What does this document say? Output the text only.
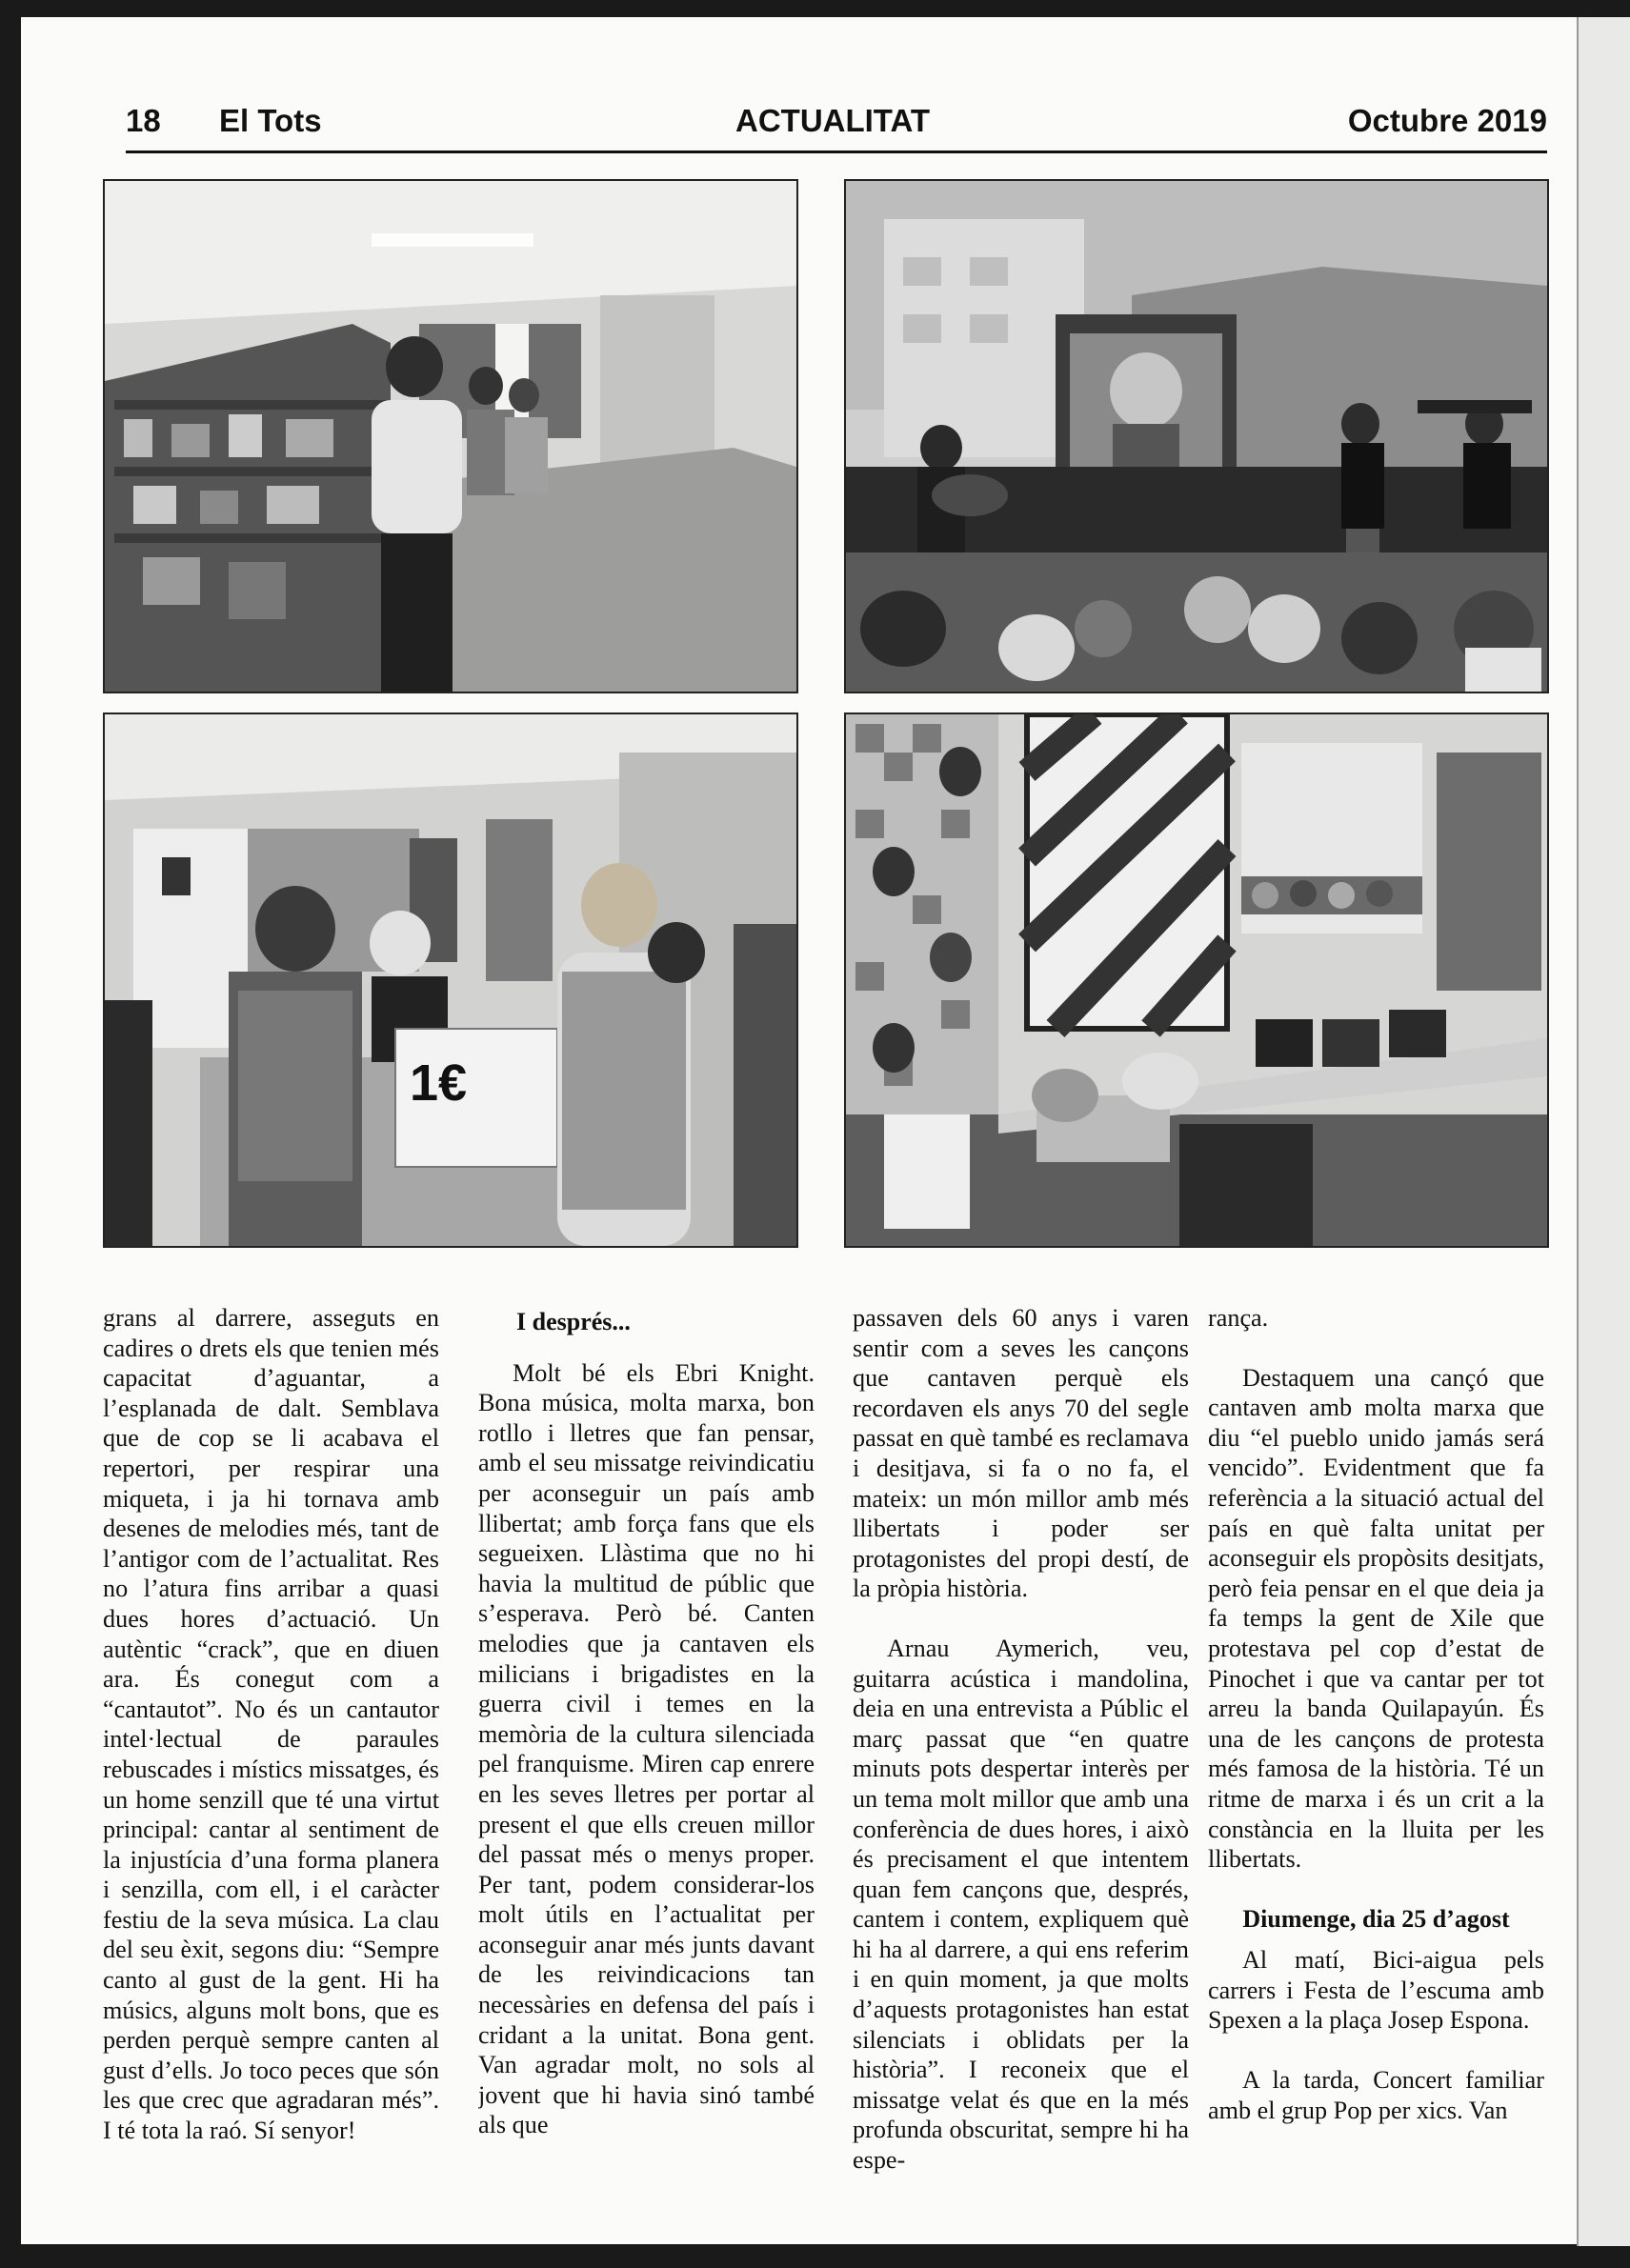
18 El Tots	ACTUALITAT	Octubre 2019
1€

grans al darrere, asseguts en cadires o drets els que tenien més capacitat d’aguantar, a l’esplanada de dalt. Semblava que de cop se li acabava el repertori, per respirar una miqueta, i ja hi tornava amb desenes de melodies més, tant de l’antigor com de l’actualitat. Res no l’atura fins arribar a quasi dues hores d’actuació. Un autèntic “crack”, que en diuen ara. És conegut com a “cantautot”. No és un cantautor intel·lectual de paraules rebuscades i místics missatges, és un home senzill que té una virtut principal: cantar al sentiment de la injustícia d’una forma planera i senzilla, com ell, i el caràcter festiu de la seva música. La clau del seu èxit, segons diu: “Sempre canto al gust de la gent. Hi ha músics, alguns molt bons, que es perden perquè sempre canten al gust d’ells. Jo toco peces que són les que crec que agradaran més”. I té tota la raó. Sí senyor!

I després...

Molt bé els Ebri Knight. Bona música, molta marxa, bon rotllo i lletres que fan pensar, amb el seu missatge reivindicatiu per aconseguir un país amb llibertat; amb força fans que els segueixen. Llàstima que no hi havia la multitud de públic que s’esperava. Però bé. Canten melodies que ja cantaven els milicians i brigadistes en la guerra civil i temes en la memòria de la cultura silenciada pel franquisme. Miren cap enrere en les seves lletres per portar al present el que ells creuen millor del passat més o menys proper. Per tant, podem considerar-los molt útils en l’actualitat per aconseguir anar més junts davant de les reivindicacions tan necessàries en defensa del país i cridant a la unitat. Bona gent. Van agradar molt, no sols al jovent que hi havia sinó també als que

passaven dels 60 anys i varen sentir com a seves les cançons que cantaven perquè els recordaven els anys 70 del segle passat en què també es reclamava i desitjava, si fa o no fa, el mateix: un món millor amb més llibertats i poder ser protagonistes del propi destí, de la pròpia història.

Arnau Aymerich, veu, guitarra acústica i mandolina, deia en una entrevista a Públic el març passat que “en quatre minuts pots despertar interès per un tema molt millor que amb una conferència de dues hores, i això és precisament el que intentem quan fem cançons que, després, cantem i contem, expliquem què hi ha al darrere, a qui ens referim i en quin moment, ja que molts d’aquests protagonistes han estat silenciats i oblidats per la història”. I reconeix que el missatge velat és que en la més profunda obscuritat, sempre hi ha espe-

rança.

Destaquem una cançó que cantaven amb molta marxa que diu “el pueblo unido jamás será vencido”. Evidentment que fa referència a la situació actual del país en què falta unitat per aconseguir els propòsits desitjats, però feia pensar en el que deia ja fa temps la gent de Xile que protestava pel cop d’estat de Pinochet i que va cantar per tot arreu la banda Quilapayún. És una de les cançons de protesta més famosa de la història. Té un ritme de marxa i és un crit a la constància en la lluita per les llibertats.

Diumenge, dia 25 d’agost

Al matí, Bici-aigua pels carrers i Festa de l’escuma amb Spexen a la plaça Josep Espona.

A la tarda, Concert familiar amb el grup Pop per xics. Van
